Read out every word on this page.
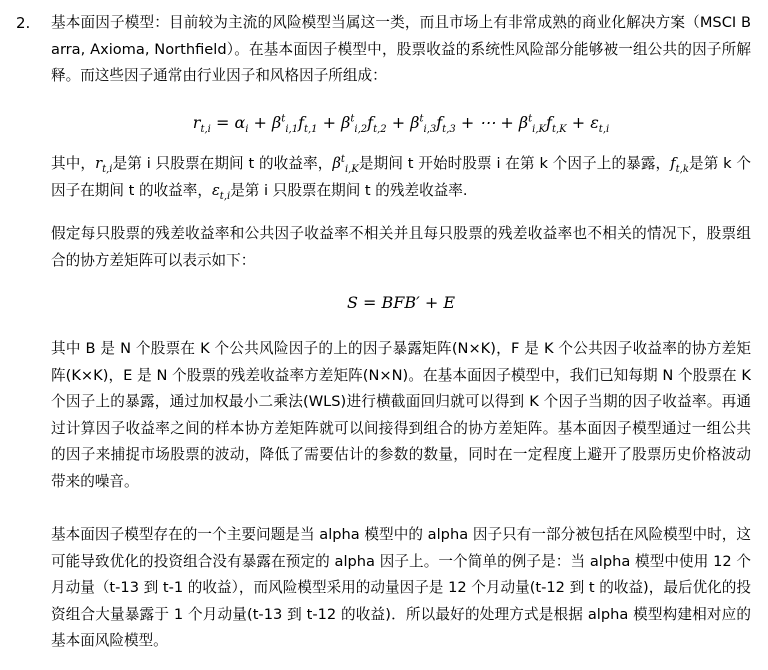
2. 基本面因子模型：目前较为主流的风险模型当属这一类，而且市场上有非常成熟的商业化解决方案（MSCI Barra, Axioma, Northfield）。在基本面因子模型中，股票收益的系统性风险部分能够被一组公共的因子所解释。而这些因子通常由行业因子和风格因子所组成：
$r_{t,i} = \alpha_i + \beta^t_{i,1}f_{t,1} + \beta^t_{i,2}f_{t,2} + \beta^t_{i,3}f_{t,3}$ + ⋯ + $\beta^t_{i,K}f_{t,K} + \varepsilon_{t,i}$
其中，$r_{t,i}$是第 i 只股票在期间 t 的收益率，$\beta^t_{i,K}$是期间 t 开始时股票 i 在第 k 个因子上的暴露，$f_{t,k}$是第 k 个因子在期间 t 的收益率，$\varepsilon_{t,i}$是第 i 只股票在期间 t 的残差收益率.
假定每只股票的残差收益率和公共因子收益率不相关并且每只股票的残差收益率也不相关的情况下，股票组合的协方差矩阵可以表示如下：
S = BFB′ + E
其中 B 是 N 个股票在 K 个公共风险因子的上的因子暴露矩阵(N×K)，F 是 K 个公共因子收益率的协方差矩阵(K×K)，E 是 N 个股票的残差收益率方差矩阵(N×N)。在基本面因子模型中，我们已知每期 N 个股票在 K 个因子上的暴露，通过加权最小二乘法(WLS)进行横截面回归就可以得到 K 个因子当期的因子收益率。再通过计算因子收益率之间的样本协方差矩阵就可以间接得到组合的协方差矩阵。基本面因子模型通过一组公共的因子来捕捉市场股票的波动，降低了需要估计的参数的数量，同时在一定程度上避开了股票历史价格波动带来的噪音。
基本面因子模型存在的一个主要问题是当 alpha 模型中的 alpha 因子只有一部分被包括在风险模型中时，这可能导致优化的投资组合没有暴露在预定的 alpha 因子上。一个简单的例子是：当 alpha 模型中使用 12 个月动量（t-13 到 t-1 的收益），而风险模型采用的动量因子是 12 个月动量(t-12 到 t 的收益)，最后优化的投资组合大量暴露于 1 个月动量(t-13 到 t-12 的收益)．所以最好的处理方式是根据 alpha 模型构建相对应的基本面风险模型。
